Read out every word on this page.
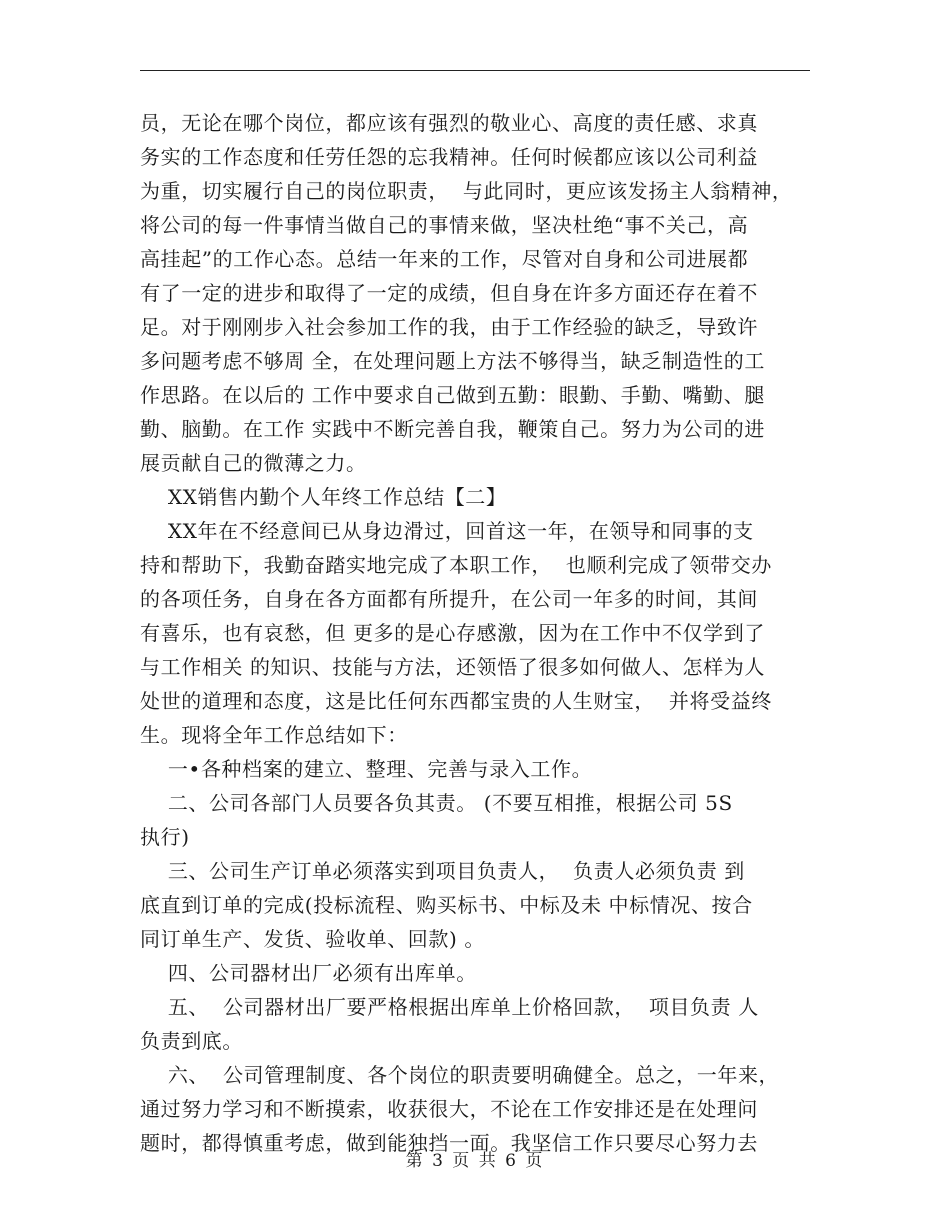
员，无论在哪个岗位，都应该有强烈的敬业心、高度的责任感、求真
务实的工作态度和任劳任怨的忘我精神。任何时候都应该以公司利益
为重，切实履行自己的岗位职责，  与此同时，更应该发扬主人翁精神，
将公司的每一件事情当做自己的事情来做，坚决杜绝“事不关己，高
高挂起”的工作心态。总结一年来的工作，尽管对自身和公司进展都
有了一定的进步和取得了一定的成绩，但自身在许多方面还存在着不
足。对于刚刚步入社会参加工作的我，由于工作经验的缺乏，导致许
多问题考虑不够周 全，在处理问题上方法不够得当，缺乏制造性的工
作思路。在以后的 工作中要求自己做到五勤：眼勤、手勤、嘴勤、腿
勤、脑勤。在工作 实践中不断完善自我，鞭策自己。努力为公司的进
展贡献自己的微薄之力。
XX销售内勤个人年终工作总结【二】
XX年在不经意间已从身边滑过，回首这一年，在领导和同事的支
持和帮助下，我勤奋踏实地完成了本职工作，  也顺利完成了领带交办
的各项任务，自身在各方面都有所提升，在公司一年多的时间，其间
有喜乐，也有哀愁，但 更多的是心存感激，因为在工作中不仅学到了
与工作相关 的知识、技能与方法，还领悟了很多如何做人、怎样为人
处世的道理和态度，这是比任何东西都宝贵的人生财宝，  并将受益终
生。现将全年工作总结如下：
一•各种档案的建立、整理、完善与录入工作。
二、公司各部门人员要各负其责。 (不要互相推，根据公司 5S
执行)
三、公司生产订单必须落实到项目负责人，  负责人必须负责 到
底直到订单的完成(投标流程、购买标书、中标及未 中标情况、按合
同订单生产、发货、验收单、回款) 。
四、公司器材出厂必须有出库单。
五、  公司器材出厂要严格根据出库单上价格回款，  项目负责 人
负责到底。
六、  公司管理制度、各个岗位的职责要明确健全。总之，一年来，
通过努力学习和不断摸索，收获很大，不论在工作安排还是在处理问
题时，都得慎重考虑，做到能独挡一面。我坚信工作只要尽心努力去
第 3 页 共 6 页
